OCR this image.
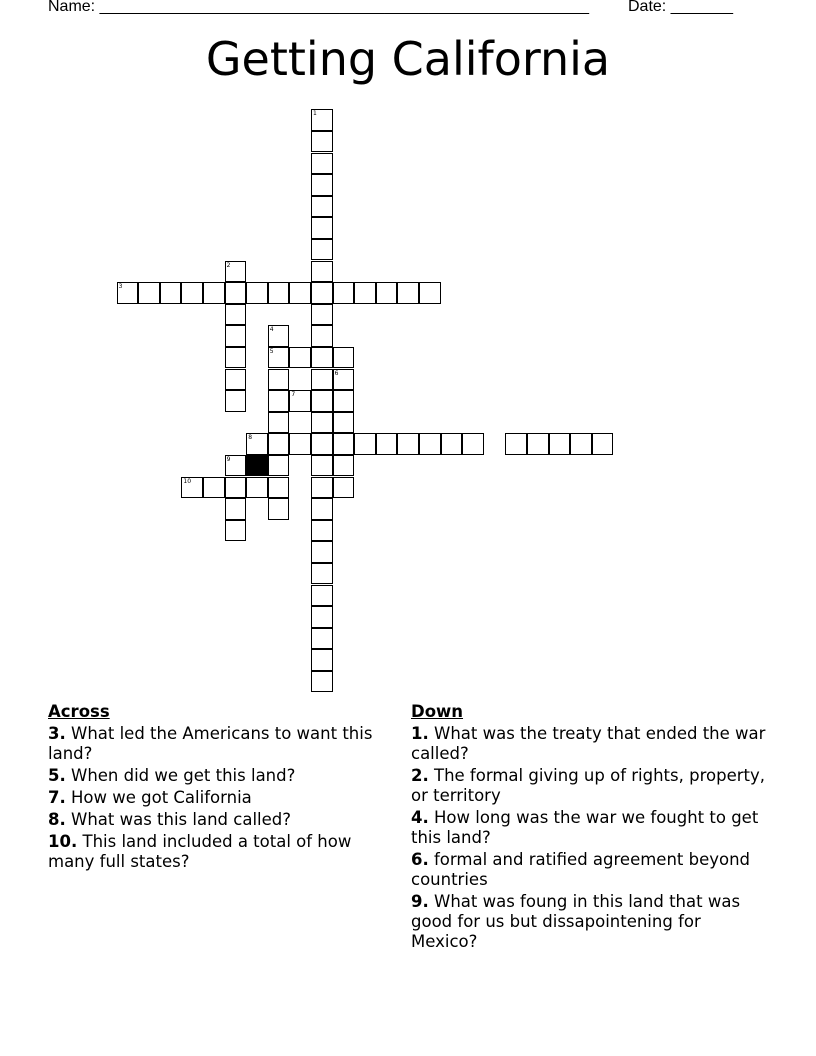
Name: _______________________________________________________ Date: _______
Getting California
1
3
2
4
5
6
7
8
9
10
Across
3. What led the Americans to want this land?
5. When did we get this land?
7. How we got California
8. What was this land called?
10. This land included a total of how many full states?
Down
1. What was the treaty that ended the war called?
2. The formal giving up of rights, property, or territory
4. How long was the war we fought to get this land?
6. formal and ratified agreement beyond countries
9. What was foung in this land that was good for us but dissapointening for Mexico?
